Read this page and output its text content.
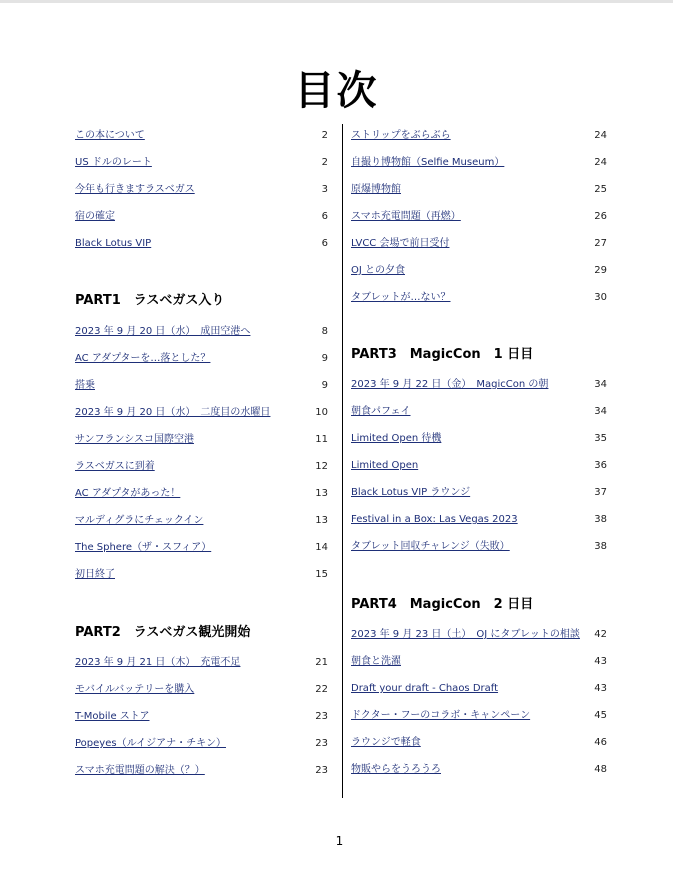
目次
この本について	2
US ドルのレート	2
今年も行きますラスベガス	3
宿の確定	6
Black Lotus VIP	6
PART1　ラスベガス入り
2023 年 9 月 20 日（水）　成田空港へ	8
AC アダプターを…落とした？	9
搭乗	9
2023 年 9 月 20 日（水）　二度目の水曜日	10
サンフランシスコ国際空港	11
ラスベガスに到着	12
AC アダプタがあった！	13
マルディグラにチェックイン	13
The Sphere（ザ・スフィア）	14
初日終了	15
PART2　ラスベガス観光開始
2023 年 9 月 21 日（木）　充電不足	21
モバイルバッテリーを購入	22
T-Mobile ストア	23
Popeyes（ルイジアナ・チキン）	23
スマホ充電問題の解決（？）	23
ストリップをぶらぶら	24
自撮り博物館（Selfie Museum）	24
原爆博物館	25
スマホ充電問題（再燃）	26
LVCC 会場で前日受付	27
OJ との夕食	29
タブレットが…ない？	30
PART3　MagicCon　1 日目
2023 年 9 月 22 日（金）　MagicCon の朝	34
朝食パフェイ	34
Limited Open 待機	35
Limited Open	36
Black Lotus VIP ラウンジ	37
Festival in a Box: Las Vegas 2023	38
タブレット回収チャレンジ（失敗）	38
PART4　MagicCon　2 日目
2023 年 9 月 23 日（土）　OJ にタブレットの相談 42
朝食と洗濯	43
Draft your draft - Chaos Draft	43
ドクター・フーのコラボ・キャンペーン	45
ラウンジで軽食	46
物販やらをうろうろ	48
1
